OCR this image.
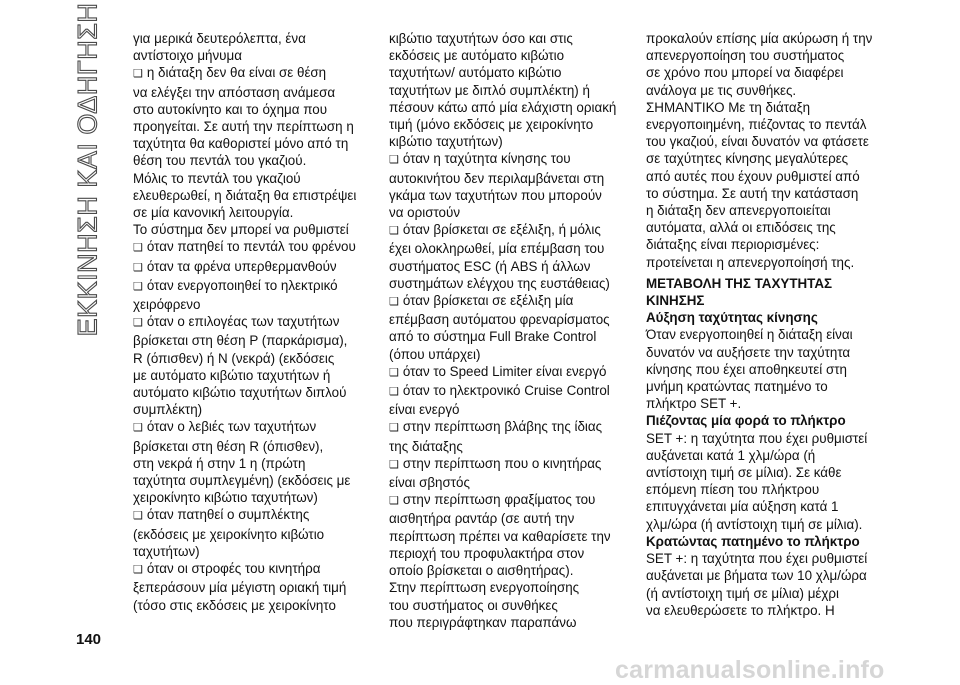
ΕΚΚΙΝΗΣΗ ΚΑΙ ΟΔΗΓΗΣΗ για μερικά δευτερόλεπτα, ένα

αντίστοιχο μήνυμα

❑ η διάταξη δεν θα είναι σε θέση

να ελέγξει την απόσταση ανάμεσα

στο αυτοκίνητο και το όχημα που

προηγείται. Σε αυτή την περίπτωση η

ταχύτητα θα καθοριστεί μόνο από τη

θέση του πεντάλ του γκαζιού.

Μόλις το πεντάλ του γκαζιού

ελευθερωθεί, η διάταξη θα επιστρέψει

σε μία κανονική λειτουργία.

Το σύστημα δεν μπορεί να ρυθμιστεί

❑ όταν πατηθεί το πεντάλ του φρένου

❑ όταν τα φρένα υπερθερμανθούν

❑ όταν ενεργοποιηθεί το ηλεκτρικό

χειρόφρενο

❑ όταν ο επιλογέας των ταχυτήτων

βρίσκεται στη θέση P (παρκάρισμα),

R (όπισθεν) ή N (νεκρά) (εκδόσεις

με αυτόματο κιβώτιο ταχυτήτων ή

αυτόματο κιβώτιο ταχυτήτων διπλού

συμπλέκτη)

❑ όταν ο λεβιές των ταχυτήτων

βρίσκεται στη θέση R (όπισθεν),

στη νεκρά ή στην 1 η (πρώτη

ταχύτητα συμπλεγμένη) (εκδόσεις με

χειροκίνητο κιβώτιο ταχυτήτων)

❑ όταν πατηθεί ο συμπλέκτης

(εκδόσεις με χειροκίνητο κιβώτιο

ταχυτήτων)

❑ όταν οι στροφές του κινητήρα

ξεπεράσουν μία μέγιστη οριακή τιμή

(τόσο στις εκδόσεις με χειροκίνητο

κιβώτιο ταχυτήτων όσο και στις

εκδόσεις με αυτόματο κιβώτιο

ταχυτήτων/ αυτόματο κιβώτιο

ταχυτήτων με διπλό συμπλέκτη) ή

πέσουν κάτω από μία ελάχιστη οριακή

τιμή (μόνο εκδόσεις με χειροκίνητο

κιβώτιο ταχυτήτων)

❑ όταν η ταχύτητα κίνησης του

αυτοκινήτου δεν περιλαμβάνεται στη

γκάμα των ταχυτήτων που μπορούν

να οριστούν

❑ όταν βρίσκεται σε εξέλιξη, ή μόλις

έχει ολοκληρωθεί, μία επέμβαση του

συστήματος ESC (ή ABS ή άλλων

συστημάτων ελέγχου της ευστάθειας)

❑ όταν βρίσκεται σε εξέλιξη μία

επέμβαση αυτόματου φρεναρίσματος

από το σύστημα Full Brake Control

(όπου υπάρχει)

❑ όταν το Speed Limiter είναι ενεργό

❑ όταν το ηλεκτρονικό Cruise Control

είναι ενεργό

❑ στην περίπτωση βλάβης της ίδιας

της διάταξης

❑ στην περίπτωση που ο κινητήρας

είναι σβηστός

❑ στην περίπτωση φραξίματος του

αισθητήρα ραντάρ (σε αυτή την

περίπτωση πρέπει να καθαρίσετε την

περιοχή του προφυλακτήρα στον

οποίο βρίσκεται ο αισθητήρας).

Στην περίπτωση ενεργοποίησης

του συστήματος οι συνθήκες

που περιγράφτηκαν παραπάνω

προκαλούν επίσης μία ακύρωση ή την

απενεργοποίηση του συστήματος

σε χρόνο που μπορεί να διαφέρει

ανάλογα με τις συνθήκες.

ΣΗΜΑΝΤΙΚΟ Με τη διάταξη

ενεργοποιημένη, πιέζοντας το πεντάλ

του γκαζιού, είναι δυνατόν να φτάσετε

σε ταχύτητες κίνησης μεγαλύτερες

από αυτές που έχουν ρυθμιστεί από

το σύστημα. Σε αυτή την κατάσταση

η διάταξη δεν απενεργοποιείται

αυτόματα, αλλά οι επιδόσεις της

διάταξης είναι περιορισμένες:

προτείνεται η απενεργοποίησή της.

ΜΕΤΑΒΟΛΗ ΤΗΣ ΤΑΧΥΤΗΤΑΣ

ΚΙΝΗΣΗΣ

Αύξηση ταχύτητας κίνησης

Όταν ενεργοποιηθεί η διάταξη είναι

δυνατόν να αυξήσετε την ταχύτητα

κίνησης που έχει αποθηκευτεί στη

μνήμη κρατώντας πατημένο το

πλήκτρο SET +.

Πιέζοντας μία φορά το πλήκτρο

SET +: η ταχύτητα που έχει ρυθμιστεί

αυξάνεται κατά 1 χλμ/ώρα (ή

αντίστοιχη τιμή σε μίλια). Σε κάθε

επόμενη πίεση του πλήκτρου

επιτυγχάνεται μία αύξηση κατά 1

χλμ/ώρα (ή αντίστοιχη τιμή σε μίλια).

Κρατώντας πατημένο το πλήκτρο

SET +: η ταχύτητα που έχει ρυθμιστεί

αυξάνεται με βήματα των 10 χλμ/ώρα

(ή αντίστοιχη τιμή σε μίλια) μέχρι

να ελευθερώσετε το πλήκτρο. Η

140
carmanualsonline.info
